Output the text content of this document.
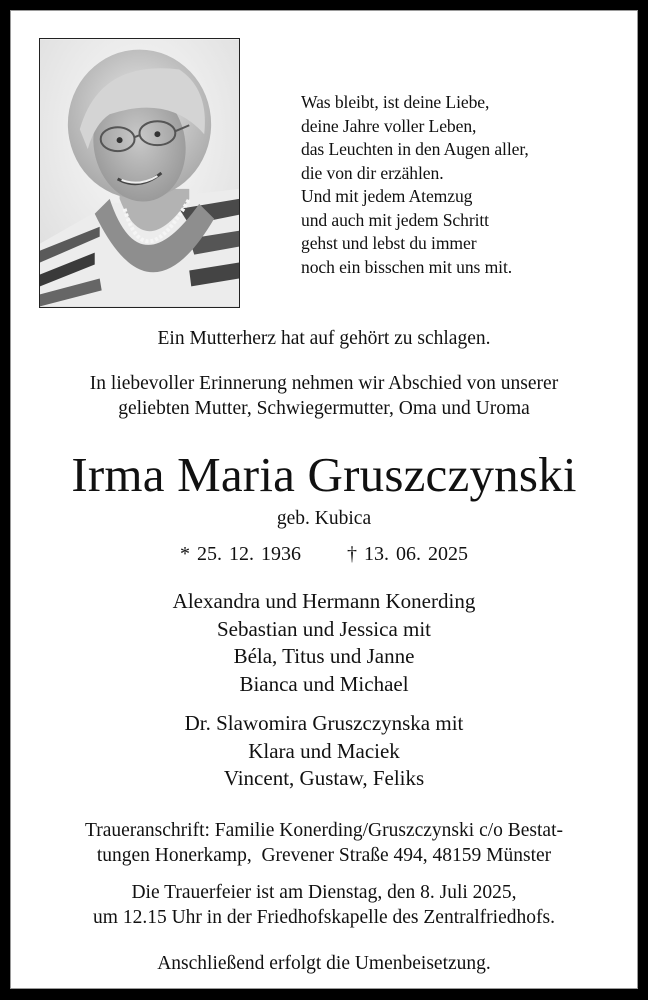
Was bleibt, ist deine Liebe,
deine Jahre voller Leben,
das Leuchten in den Augen aller,
die von dir erzählen.
Und mit jedem Atemzug
und auch mit jedem Schritt
gehst und lebst du immer
noch ein bisschen mit uns mit.
Ein Mutterherz hat auf gehört zu schlagen.
In liebevoller Erinnerung nehmen wir Abschied von unserer
geliebten Mutter, Schwiegermutter, Oma und Uroma
Irma Maria Gruszczynski
geb. Kubica
* 25. 12. 1936 † 13. 06. 2025
Alexandra und Hermann Konerding
Sebastian und Jessica mit
Béla, Titus und Janne
Bianca und Michael
Dr. Slawomira Gruszczynska mit
Klara und Maciek
Vincent, Gustaw, Feliks
Traueranschrift: Familie Konerding/Gruszczynski c/o Bestat-
tungen Honerkamp,  Grevener Straße 494, 48159 Münster
Die Trauerfeier ist am Dienstag, den 8. Juli 2025,
um 12.15 Uhr in der Friedhofskapelle des Zentralfriedhofs.
Anschließend erfolgt die Umenbeisetzung.
